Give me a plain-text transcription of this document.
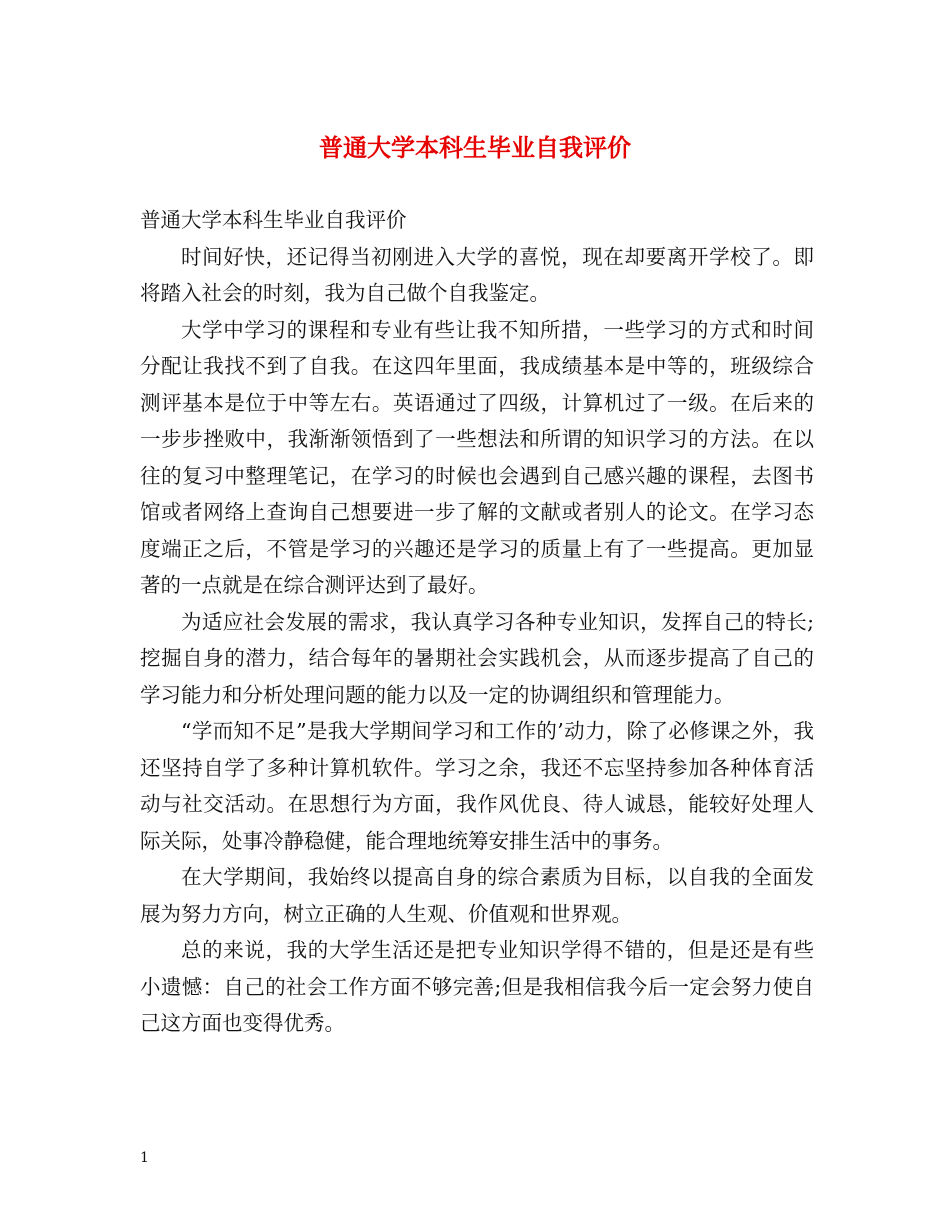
普通大学本科生毕业自我评价

普通大学本科生毕业自我评价

时间好快，还记得当初刚进入大学的喜悦，现在却要离开学校了。即将踏入社会的时刻，我为自己做个自我鉴定。

大学中学习的课程和专业有些让我不知所措，一些学习的方式和时间分配让我找不到了自我。在这四年里面，我成绩基本是中等的，班级综合测评基本是位于中等左右。英语通过了四级，计算机过了一级。在后来的一步步挫败中，我渐渐领悟到了一些想法和所谓的知识学习的方法。在以往的复习中整理笔记，在学习的时候也会遇到自己感兴趣的课程，去图书馆或者网络上查询自己想要进一步了解的文献或者别人的论文。在学习态度端正之后，不管是学习的兴趣还是学习的质量上有了一些提高。更加显著的一点就是在综合测评达到了最好。

为适应社会发展的需求，我认真学习各种专业知识，发挥自己的特长;挖掘自身的潜力，结合每年的暑期社会实践机会，从而逐步提高了自己的学习能力和分析处理问题的能力以及一定的协调组织和管理能力。

“学而知不足”是我大学期间学习和工作的’动力，除了必修课之外，我还坚持自学了多种计算机软件。学习之余，我还不忘坚持参加各种体育活动与社交活动。在思想行为方面，我作风优良、待人诚恳，能较好处理人际关际，处事冷静稳健，能合理地统筹安排生活中的事务。

在大学期间，我始终以提高自身的综合素质为目标，以自我的全面发展为努力方向，树立正确的人生观、价值观和世界观。

总的来说，我的大学生活还是把专业知识学得不错的，但是还是有些小遗憾：自己的社会工作方面不够完善;但是我相信我今后一定会努力使自己这方面也变得优秀。

1
